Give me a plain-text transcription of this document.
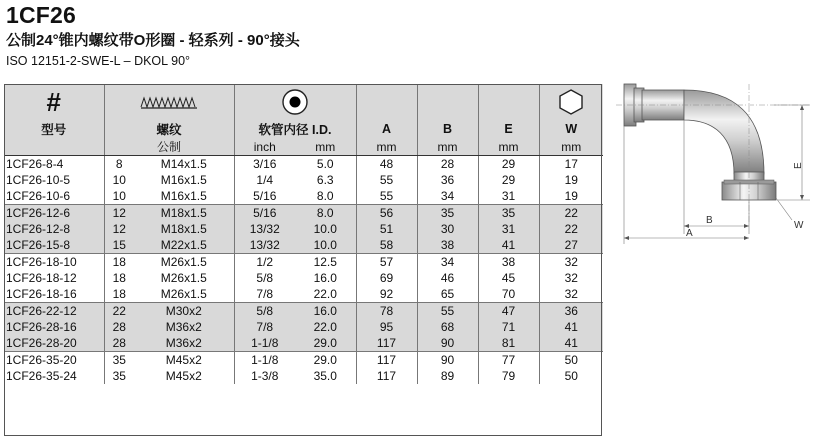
1CF26
公制24°锥内螺纹带O形圈 - 轻系列 - 90°接头
ISO 12151-2-SWE-L – DKOL 90°
#						
型号	螺纹		软管内径 I.D.		A	B	E	W
	公制		inch	mm	mm	mm	mm	mm
1CF26-8-4	8	M14x1.5	3/16	5.0	48	28	29	17
1CF26-10-5	10	M16x1.5	1/4	6.3	55	36	29	19
1CF26-10-6	10	M16x1.5	5/16	8.0	55	34	31	19
1CF26-12-6	12	M18x1.5	5/16	8.0	56	35	35	22
1CF26-12-8	12	M18x1.5	13/32	10.0	51	30	31	22
1CF26-15-8	15	M22x1.5	13/32	10.0	58	38	41	27
1CF26-18-10	18	M26x1.5	1/2	12.5	57	34	38	32
1CF26-18-12	18	M26x1.5	5/8	16.0	69	46	45	32
1CF26-18-16	18	M26x1.5	7/8	22.0	92	65	70	32
1CF26-22-12	22	M30x2	5/8	16.0	78	55	47	36
1CF26-28-16	28	M36x2	7/8	22.0	95	68	71	41
1CF26-28-20	28	M36x2	1-1/8	29.0	117	90	81	41
1CF26-35-20	35	M45x2	1-1/8	29.0	117	90	77	50
1CF26-35-24	35	M45x2	1-3/8	35.0	117	89	79	50
E
B
A
W
